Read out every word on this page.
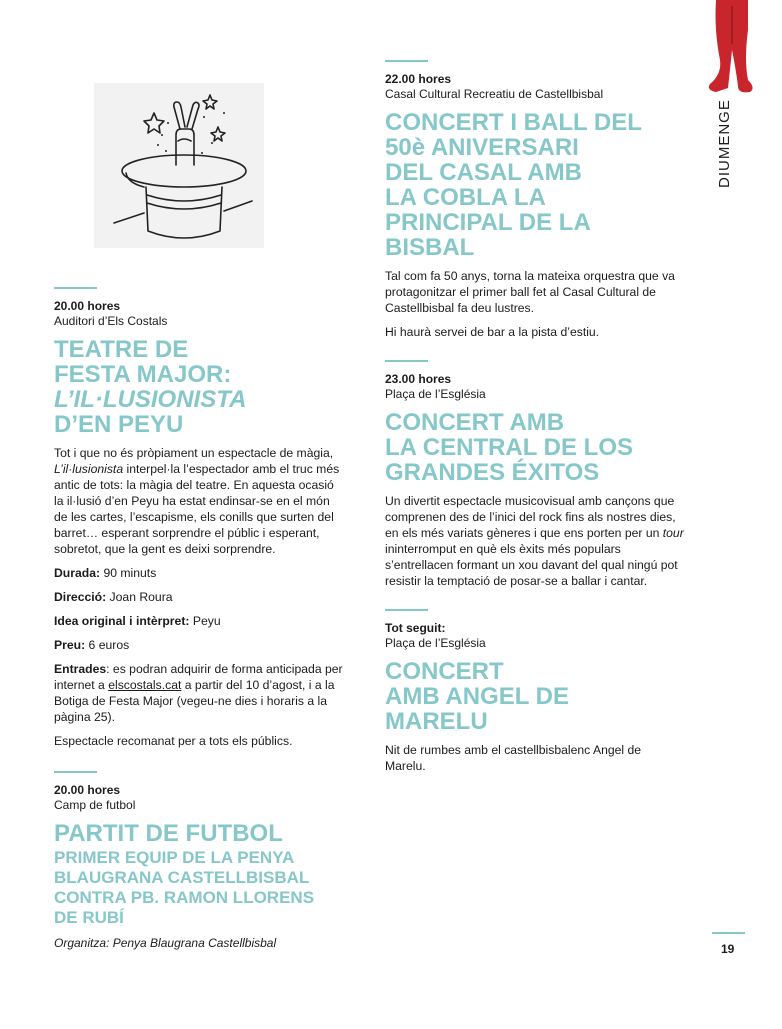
DIUMENGE
20.00 hores
Auditori d’Els Costals
TEATRE DE
FESTA MAJOR:
L’IL·LUSIONISTA
D’EN PEYU

Tot i que no és pròpiament un espectacle de màgia, L’il·lusionista interpel·la l’espectador amb el truc més antic de tots: la màgia del teatre. En aquesta ocasió la il·lusió d’en Peyu ha estat endinsar-se en el món de les cartes, l’escapisme, els conills que surten del barret… esperant sorprendre el públic i esperant, sobretot, que la gent es deixi sorprendre.

Durada: 90 minuts

Direcció: Joan Roura

Idea original i intèrpret: Peyu

Preu: 6 euros

Entrades: es podran adquirir de forma anticipada per internet a elscostals.cat a partir del 10 d’agost, i a la Botiga de Festa Major (vegeu-ne dies i horaris a la pàgina 25).

Espectacle recomanat per a tots els públics.

20.00 hores
Camp de futbol
PARTIT DE FUTBOL
PRIMER EQUIP DE LA PENYA
BLAUGRANA CASTELLBISBAL
CONTRA PB. RAMON LLORENS
DE RUBÍ
Organitza: Penya Blaugrana Castellbisbal
22.00 hores
Casal Cultural Recreatiu de Castellbisbal
CONCERT I BALL DEL
50è ANIVERSARI
DEL CASAL AMB
LA COBLA LA
PRINCIPAL DE LA
BISBAL

Tal com fa 50 anys, torna la mateixa orquestra que va protagonitzar el primer ball fet al Casal Cultural de Castellbisbal fa deu lustres.

Hi haurà servei de bar a la pista d’estiu.

23.00 hores
Plaça de l’Església
CONCERT AMB
LA CENTRAL DE LOS
GRANDES ÉXITOS

Un divertit espectacle musicovisual amb cançons que comprenen des de l’inici del rock fins als nostres dies, en els més variats gèneres i que ens porten per un tour ininterromput en què els èxits més populars s’entrellacen formant un xou davant del qual ningú pot resistir la temptació de posar-se a ballar i cantar.

Tot seguit:
Plaça de l’Església
CONCERT
AMB ANGEL DE
MARELU

Nit de rumbes amb el castellbisbalenc Angel de Marelu.

19
